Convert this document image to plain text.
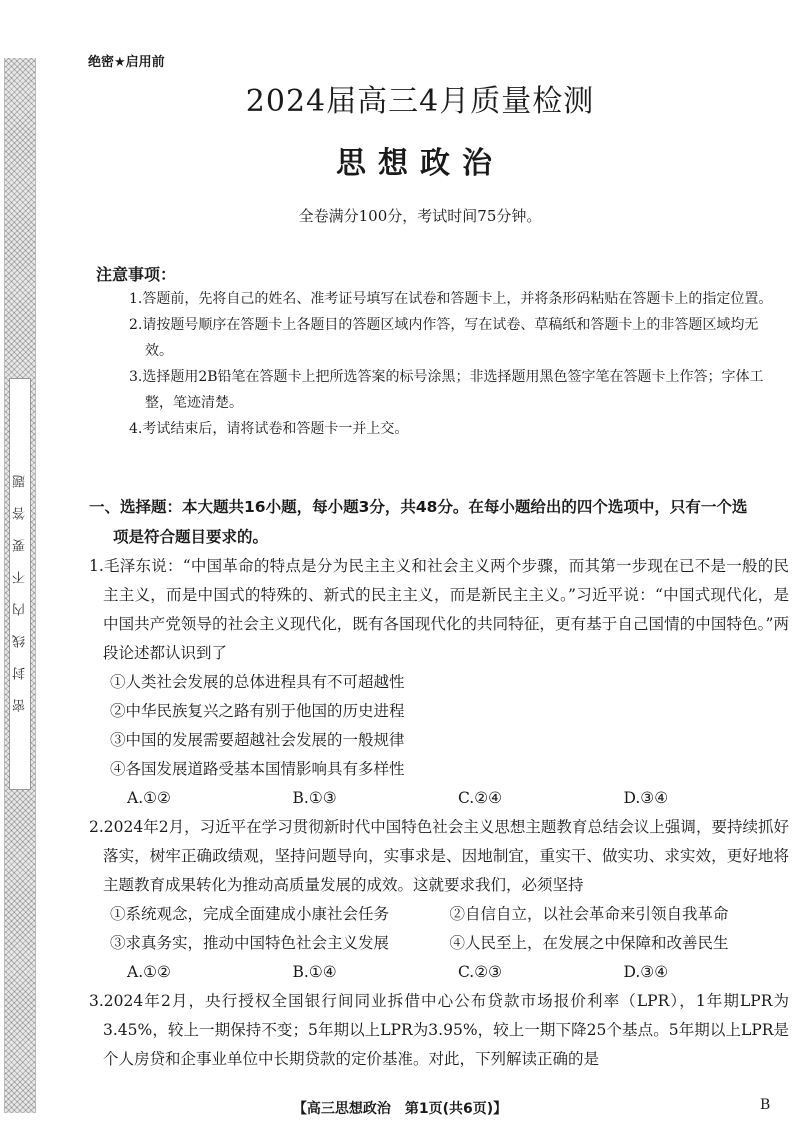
密封线内不要答题
绝密★启用前
2024届高三4月质量检测
思想政治
全卷满分100分，考试时间75分钟。
注意事项：

1.答题前，先将自己的姓名、准考证号填写在试卷和答题卡上，并将条形码粘贴在答题卡上的指定位置。

2.请按题号顺序在答题卡上各题目的答题区域内作答，写在试卷、草稿纸和答题卡上的非答题区域均无效。

3.选择题用2B铅笔在答题卡上把所选答案的标号涂黑；非选择题用黑色签字笔在答题卡上作答；字体工整，笔迹清楚。

4.考试结束后，请将试卷和答题卡一并上交。

一、选择题：本大题共16小题，每小题3分，共48分。在每小题给出的四个选项中，只有一个选
项是符合题目要求的。

1.毛泽东说：“中国革命的特点是分为民主主义和社会主义两个步骤，而其第一步现在已不是一般的民主主义，而是中国式的特殊的、新式的民主主义，而是新民主主义。”习近平说：“中国式现代化，是中国共产党领导的社会主义现代化，既有各国现代化的共同特征，更有基于自己国情的中国特色。”两段论述都认识到了

①人类社会发展的总体进程具有不可超越性

②中华民族复兴之路有别于他国的历史进程

③中国的发展需要超越社会发展的一般规律

④各国发展道路受基本国情影响具有多样性

A.①②	B.①③	C.②④	D.③④

2.2024年2月，习近平在学习贯彻新时代中国特色社会主义思想主题教育总结会议上强调，要持续抓好落实，树牢正确政绩观，坚持问题导向，实事求是、因地制宜，重实干、做实功、求实效，更好地将主题教育成果转化为推动高质量发展的成效。这就要求我们，必须坚持

①系统观念，完成全面建成小康社会任务	②自信自立，以社会革命来引领自我革命
③求真务实，推动中国特色社会主义发展	④人民至上，在发展之中保障和改善民生
A.①②	B.①④	C.②③	D.③④

3.2024年2月，央行授权全国银行间同业拆借中心公布贷款市场报价利率（LPR），1年期LPR为3.45%，较上一期保持不变；5年期以上LPR为3.95%，较上一期下降25个基点。5年期以上LPR是个人房贷和企事业单位中长期贷款的定价基准。对此，下列解读正确的是

【高三思想政治　第1页(共6页)】	B
